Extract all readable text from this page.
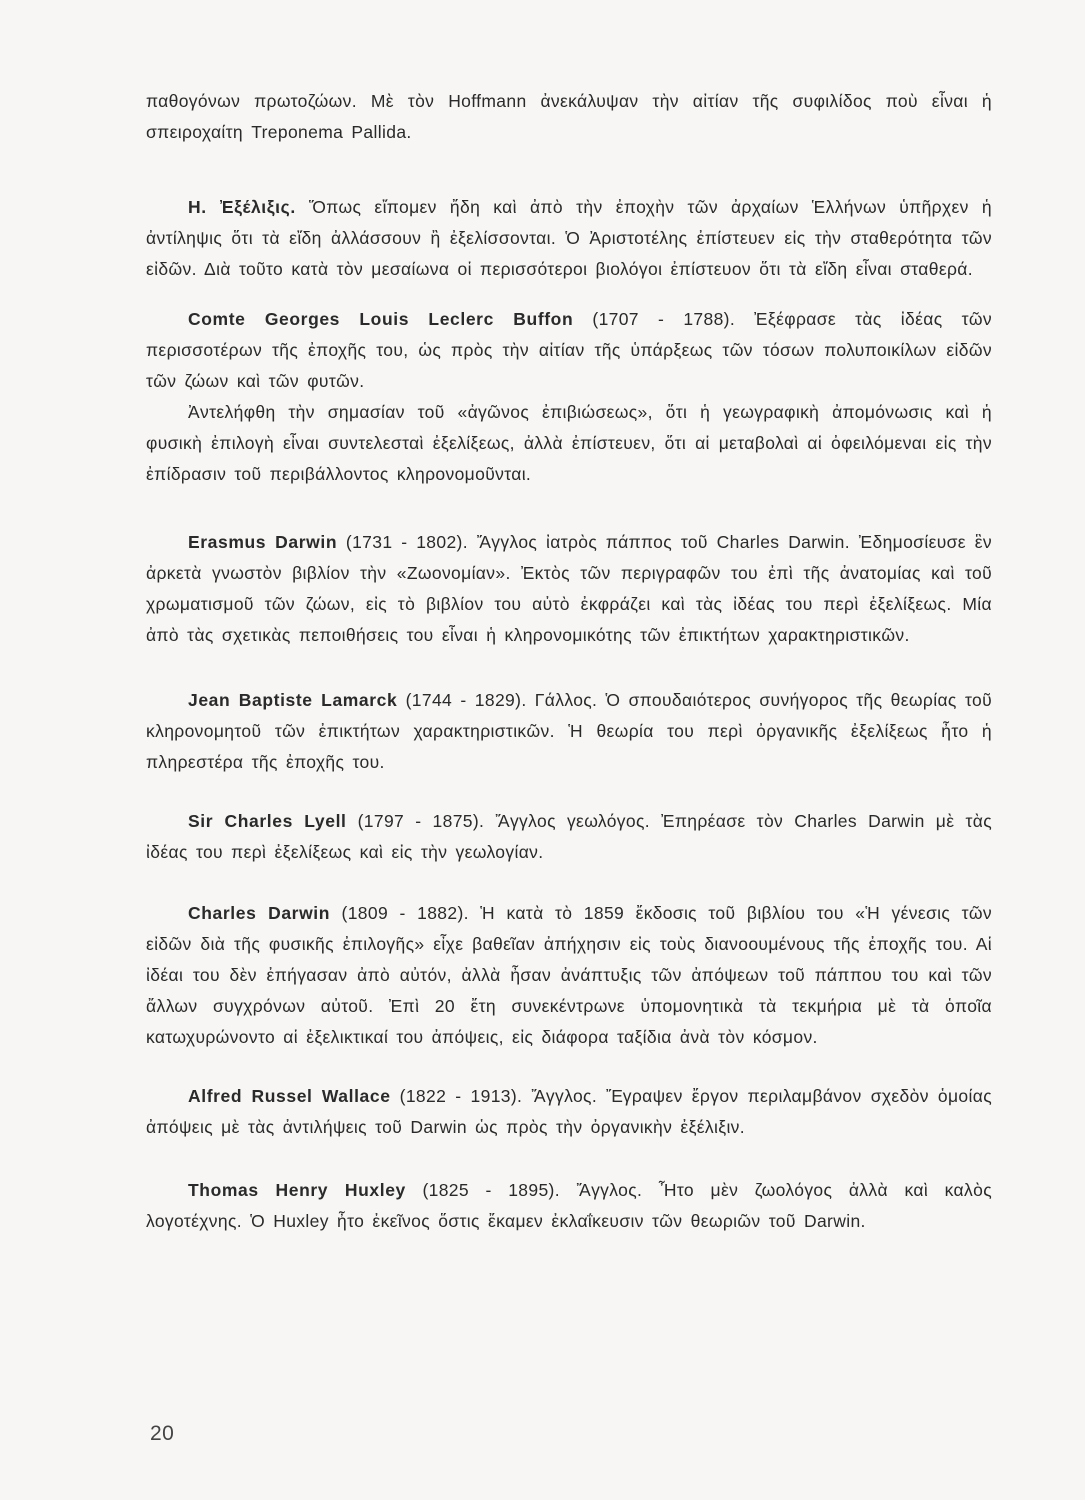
παθογόνων πρωτοζώων. Μὲ τὸν Hoffmann ἀνεκάλυψαν τὴν αἰτίαν τῆς συφιλίδος ποὺ εἶναι ἡ σπειροχαίτη Treponema Pallida.

Η. Ἐξέλιξις. Ὅπως εἴπομεν ἤδη καὶ ἀπὸ τὴν ἐποχὴν τῶν ἀρχαίων Ἑλλήνων ὑπῆρχεν ἡ ἀντίληψις ὅτι τὰ εἴδη ἀλλάσσουν ἢ ἐξελίσσονται. Ὁ Ἀριστοτέλης ἐπίστευεν εἰς τὴν σταθερότητα τῶν εἰδῶν. Διὰ τοῦτο κατὰ τὸν μεσαίωνα οἱ περισσότεροι βιολόγοι ἐπίστευον ὅτι τὰ εἴδη εἶναι σταθερά.

Comte Georges Louis Leclerc Buffon (1707 - 1788). Ἐξέφρασε τὰς ἰδέας τῶν περισσοτέρων τῆς ἐποχῆς του, ὡς πρὸς τὴν αἰτίαν τῆς ὑπάρξεως τῶν τόσων πολυποικίλων εἰδῶν τῶν ζώων καὶ τῶν φυτῶν.

Ἀντελήφθη τὴν σημασίαν τοῦ «ἀγῶνος ἐπιβιώσεως», ὅτι ἡ γεωγραφικὴ ἀπομόνωσις καὶ ἡ φυσικὴ ἐπιλογὴ εἶναι συντελεσταὶ ἐξελίξεως, ἀλλὰ ἐπίστευεν, ὅτι αἱ μεταβολαὶ αἱ ὀφειλόμεναι εἰς τὴν ἐπίδρασιν τοῦ περιβάλλοντος κληρονομοῦνται.

Erasmus Darwin (1731 - 1802). Ἄγγλος ἰατρὸς πάππος τοῦ Charles Darwin. Ἐδημοσίευσε ἓν ἀρκετὰ γνωστὸν βιβλίον τὴν «Ζωονομίαν». Ἐκτὸς τῶν περιγραφῶν του ἐπὶ τῆς ἀνατομίας καὶ τοῦ χρωματισμοῦ τῶν ζώων, εἰς τὸ βιβλίον του αὐτὸ ἐκφράζει καὶ τὰς ἰδέας του περὶ ἐξελίξεως. Μία ἀπὸ τὰς σχετικὰς πεποιθήσεις του εἶναι ἡ κληρονομικότης τῶν ἐπικτήτων χαρακτηριστικῶν.

Jean Baptiste Lamarck (1744 - 1829). Γάλλος. Ὁ σπουδαιότερος συνήγορος τῆς θεωρίας τοῦ κληρονομητοῦ τῶν ἐπικτήτων χαρακτηριστικῶν. Ἡ θεωρία του περὶ ὀργανικῆς ἐξελίξεως ἦτο ἡ πληρεστέρα τῆς ἐποχῆς του.

Sir Charles Lyell (1797 - 1875). Ἄγγλος γεωλόγος. Ἐπηρέασε τὸν Charles Darwin μὲ τὰς ἰδέας του περὶ ἐξελίξεως καὶ εἰς τὴν γεωλογίαν.

Charles Darwin (1809 - 1882). Ἡ κατὰ τὸ 1859 ἔκδοσις τοῦ βιβλίου του «Ἡ γένεσις τῶν εἰδῶν διὰ τῆς φυσικῆς ἐπιλογῆς» εἶχε βαθεῖαν ἀπήχησιν εἰς τοὺς διανοουμένους τῆς ἐποχῆς του. Αἱ ἰδέαι του δὲν ἐπήγασαν ἀπὸ αὐτόν, ἀλλὰ ἦσαν ἀνάπτυξις τῶν ἀπόψεων τοῦ πάππου του καὶ τῶν ἄλλων συγχρόνων αὐτοῦ. Ἐπὶ 20 ἔτη συνεκέντρωνε ὑπομονητικὰ τὰ τεκμήρια μὲ τὰ ὁποῖα κατωχυρώνοντο αἱ ἐξελικτικαί του ἀπόψεις, εἰς διάφορα ταξίδια ἀνὰ τὸν κόσμον.

Alfred Russel Wallace (1822 - 1913). Ἄγγλος. Ἔγραψεν ἔργον περιλαμβάνον σχεδὸν ὁμοίας ἀπόψεις μὲ τὰς ἀντιλήψεις τοῦ Darwin ὡς πρὸς τὴν ὀργανικὴν ἐξέλιξιν.

Thomas Henry Huxley (1825 - 1895). Ἄγγλος. Ἦτο μὲν ζωολόγος ἀλλὰ καὶ καλὸς λογοτέχνης. Ὁ Huxley ἦτο ἐκεῖνος ὅστις ἔκαμεν ἐκλαΐκευσιν τῶν θεωριῶν τοῦ Darwin.

20
